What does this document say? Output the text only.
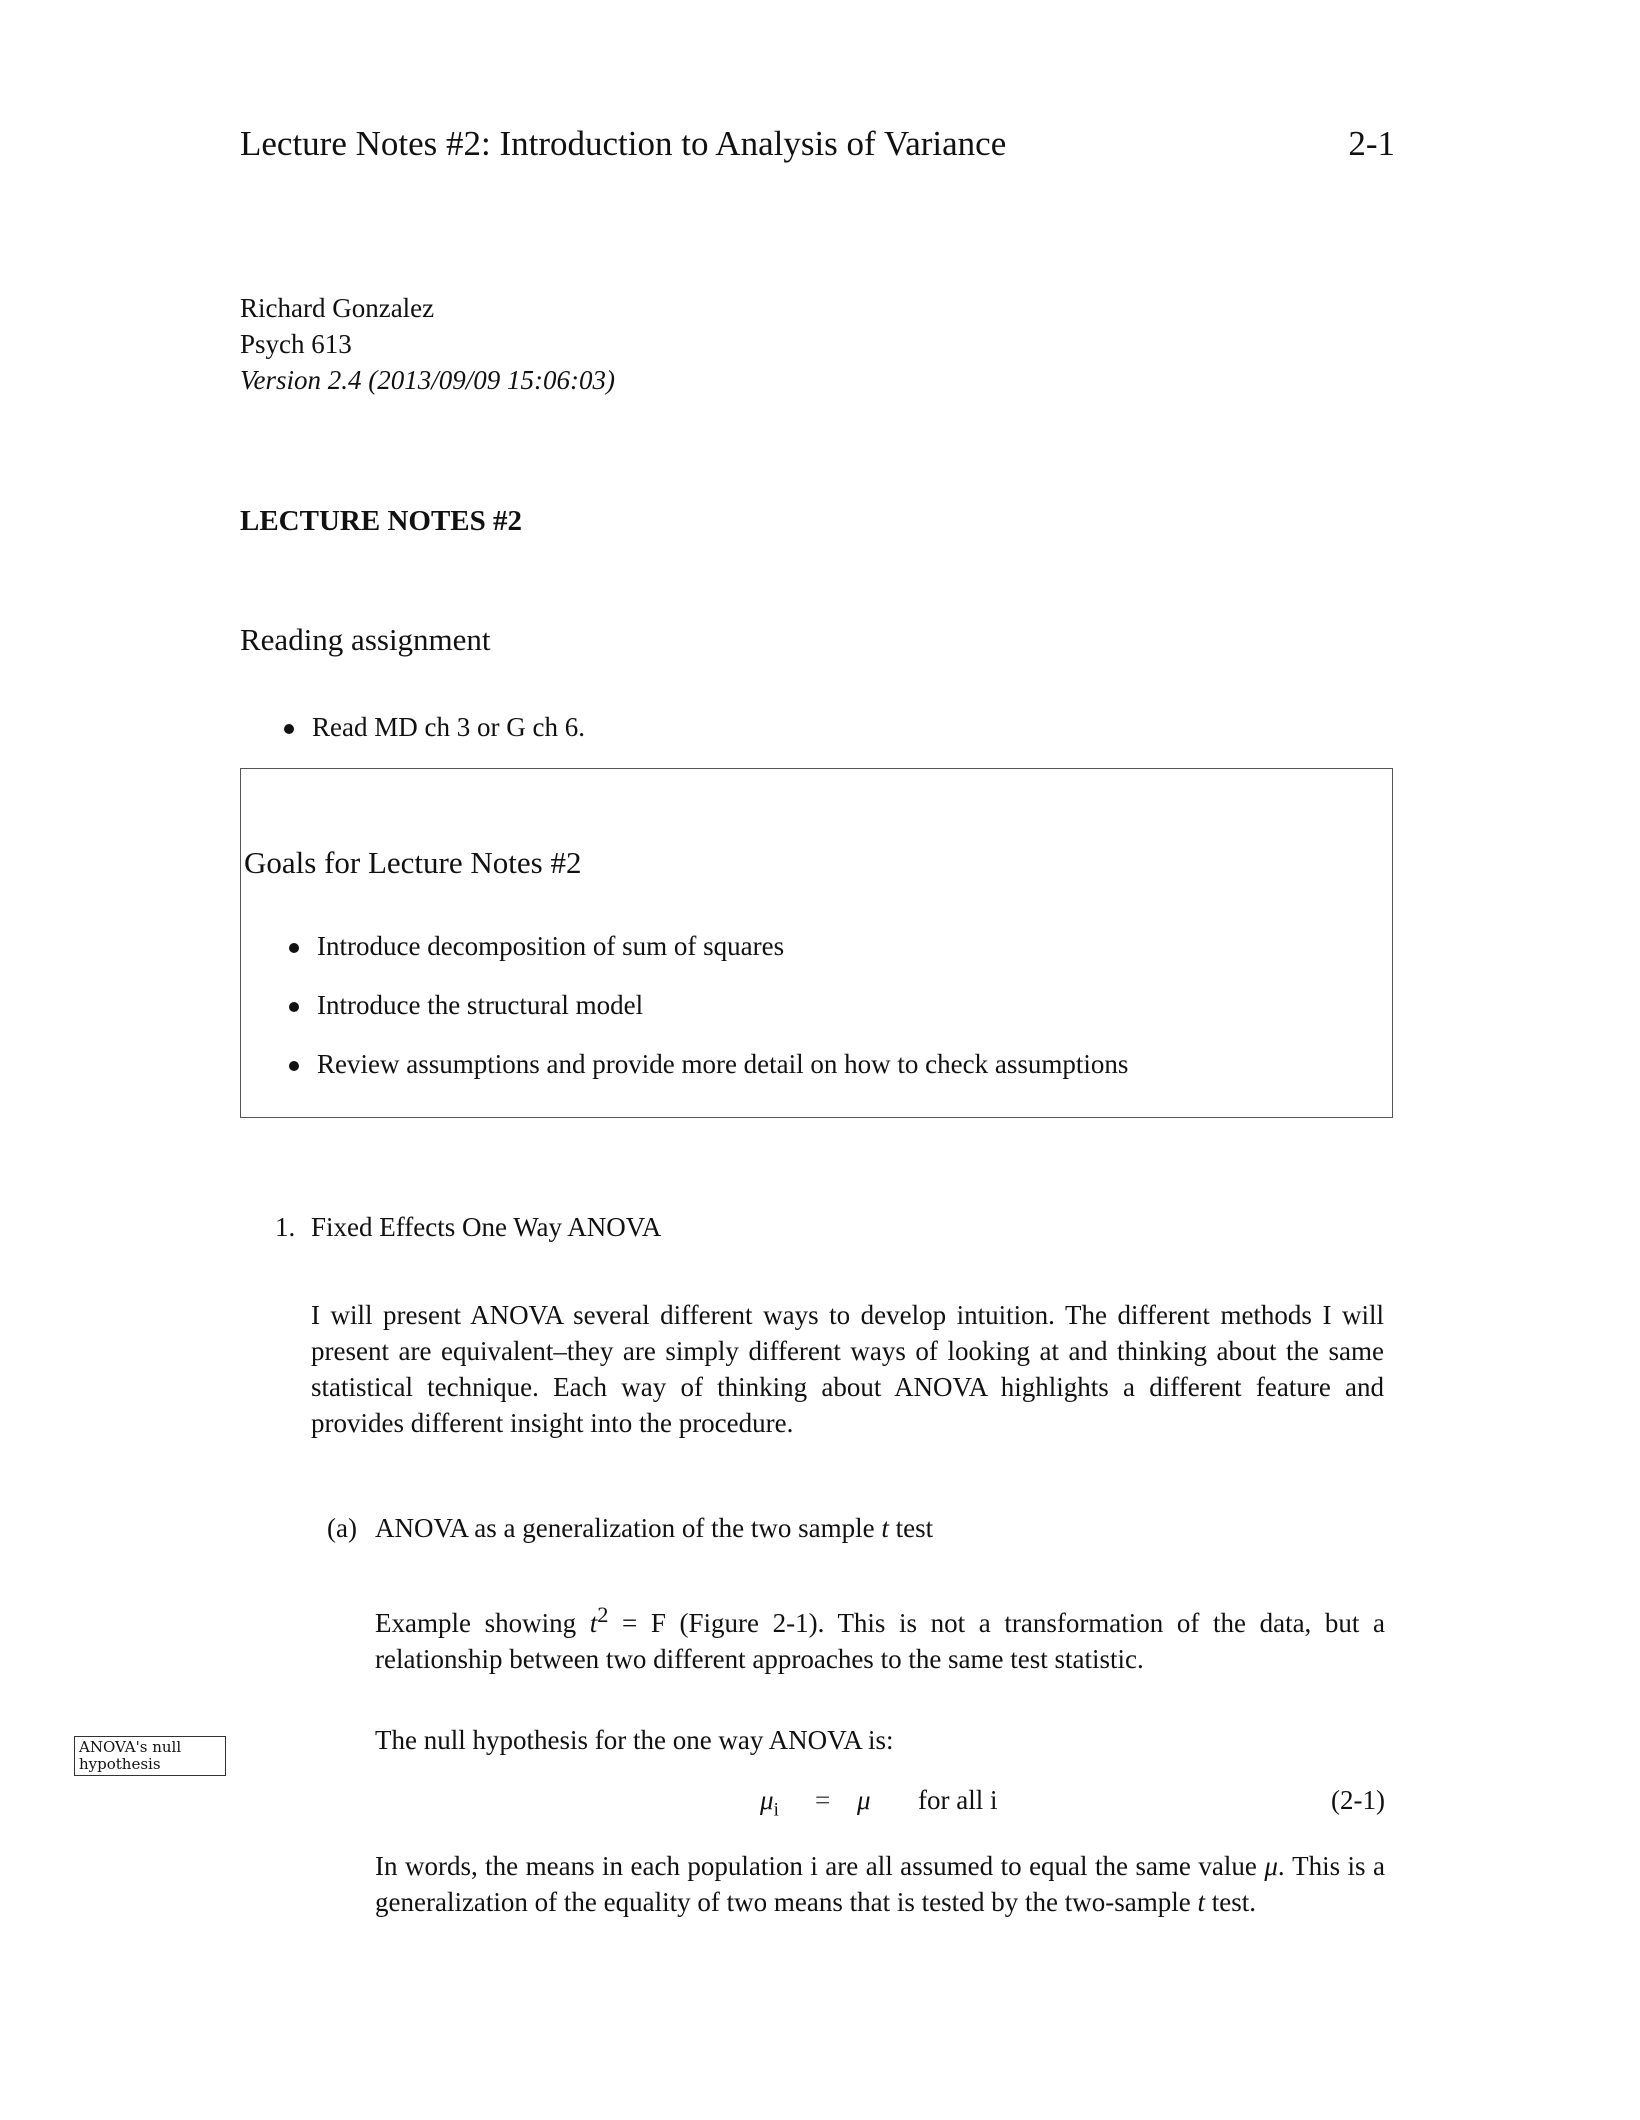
Lecture Notes #2: Introduction to Analysis of Variance	2-1
Richard Gonzalez
Psych 613
Version 2.4 (2013/09/09 15:06:03)
LECTURE NOTES #2
Reading assignment
Read MD ch 3 or G ch 6.
Goals for Lecture Notes #2
Introduce decomposition of sum of squares
Introduce the structural model
Review assumptions and provide more detail on how to check assumptions
1. Fixed Effects One Way ANOVA
I will present ANOVA several different ways to develop intuition. The different methods I will present are equivalent–they are simply different ways of looking at and thinking about the same statistical technique. Each way of thinking about ANOVA highlights a different feature and provides different insight into the procedure.
(a) ANOVA as a generalization of the two sample t test
Example showing $t^2 = F$ (Figure 2-1). This is not a transformation of the data, but a relationship between two different approaches to the same test statistic.
ANOVA's null hypothesis
The null hypothesis for the one way ANOVA is:
$\mu_i = \mu$ for all i	(2-1)
In words, the means in each population i are all assumed to equal the same value μ. This is a generalization of the equality of two means that is tested by the two-sample t test.
